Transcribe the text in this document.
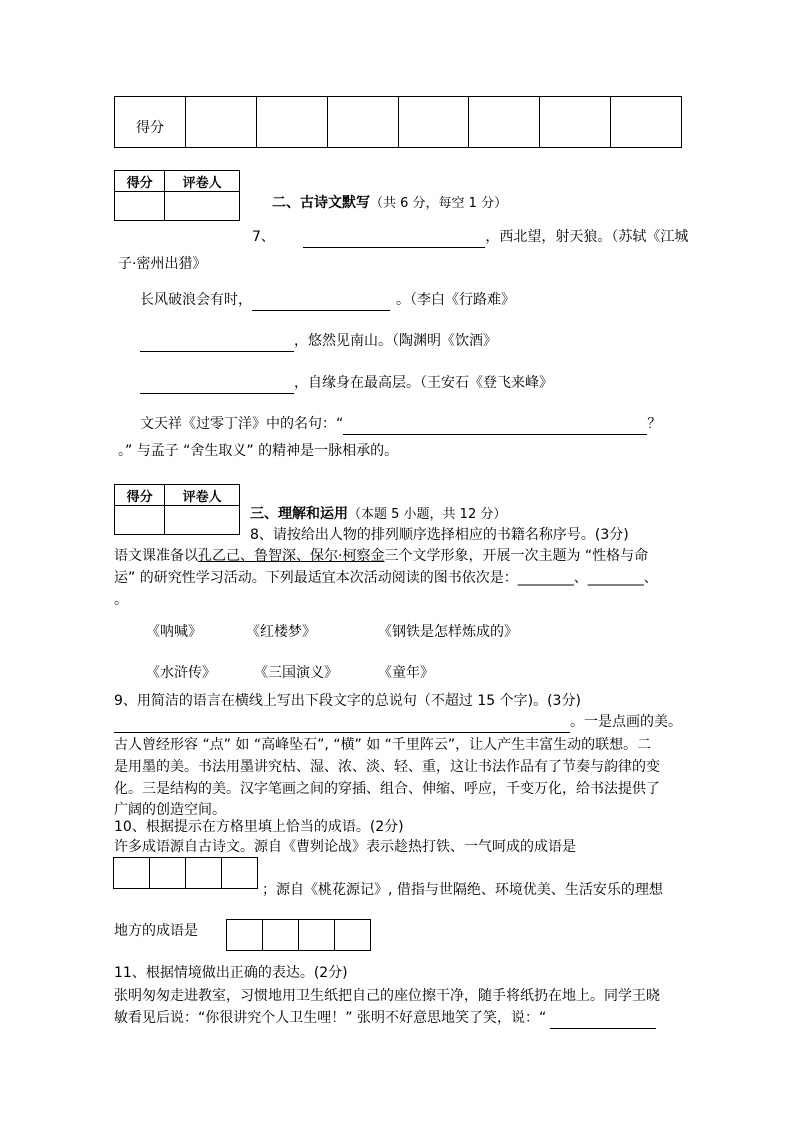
得分							
得分	评卷人

二、古诗文默写（共 6 分，每空 1 分）
7、	，西北望，射天狼。（苏轼《江城
子·密州出猎》
长风破浪会有时，	。（李白《行路难》
，悠然见南山。（陶渊明《饮酒》
，自缘身在最高层。（王安石《登飞来峰》
文天祥《过零丁洋》中的名句：“	？
。” 与孟子 “舍生取义” 的精神是一脉相承的。
得分	评卷人

三、理解和运用（本题 5 小题，共 12 分）
8、请按给出人物的排列顺序选择相应的书籍名称序号。(3分)
语文课准备以孔乙己、鲁智深、保尔·柯察金三个文学形象，开展一次主题为 “性格与命
运” 的研究性学习活动。下列最适宜本次活动阅读的图书依次是：________、________、
。
《呐喊》	《红楼梦》	《钢铁是怎样炼成的》
《水浒传》	《三国演义》	《童年》
9、用简洁的语言在横线上写出下段文字的总说句（不超过 15 个字)。(3分)
。一是点画的美。
古人曾经形容 “点” 如 “高峰坠石”, “横” 如 “千里阵云”，让人产生丰富生动的联想。二
是用墨的美。书法用墨讲究枯、湿、浓、淡、轻、重，这让书法作品有了节奏与韵律的变
化。三是结构的美。汉字笔画之间的穿插、组合、伸缩、呼应，千变万化，给书法提供了
广阔的创造空间。
10、根据提示在方格里填上恰当的成语。(2分)
许多成语源自古诗文。源自《曹刿论战》表示趁热打铁、一气呵成的成语是

；源自《桃花源记》, 借指与世隔绝、环境优美、生活安乐的理想
地方的成语是

11、根据情境做出正确的表达。(2分)
张明匆匆走进教室，习惯地用卫生纸把自己的座位擦干净，随手将纸扔在地上。同学王晓
敏看见后说：“你很讲究个人卫生哩！” 张明不好意思地笑了笑，说：“
